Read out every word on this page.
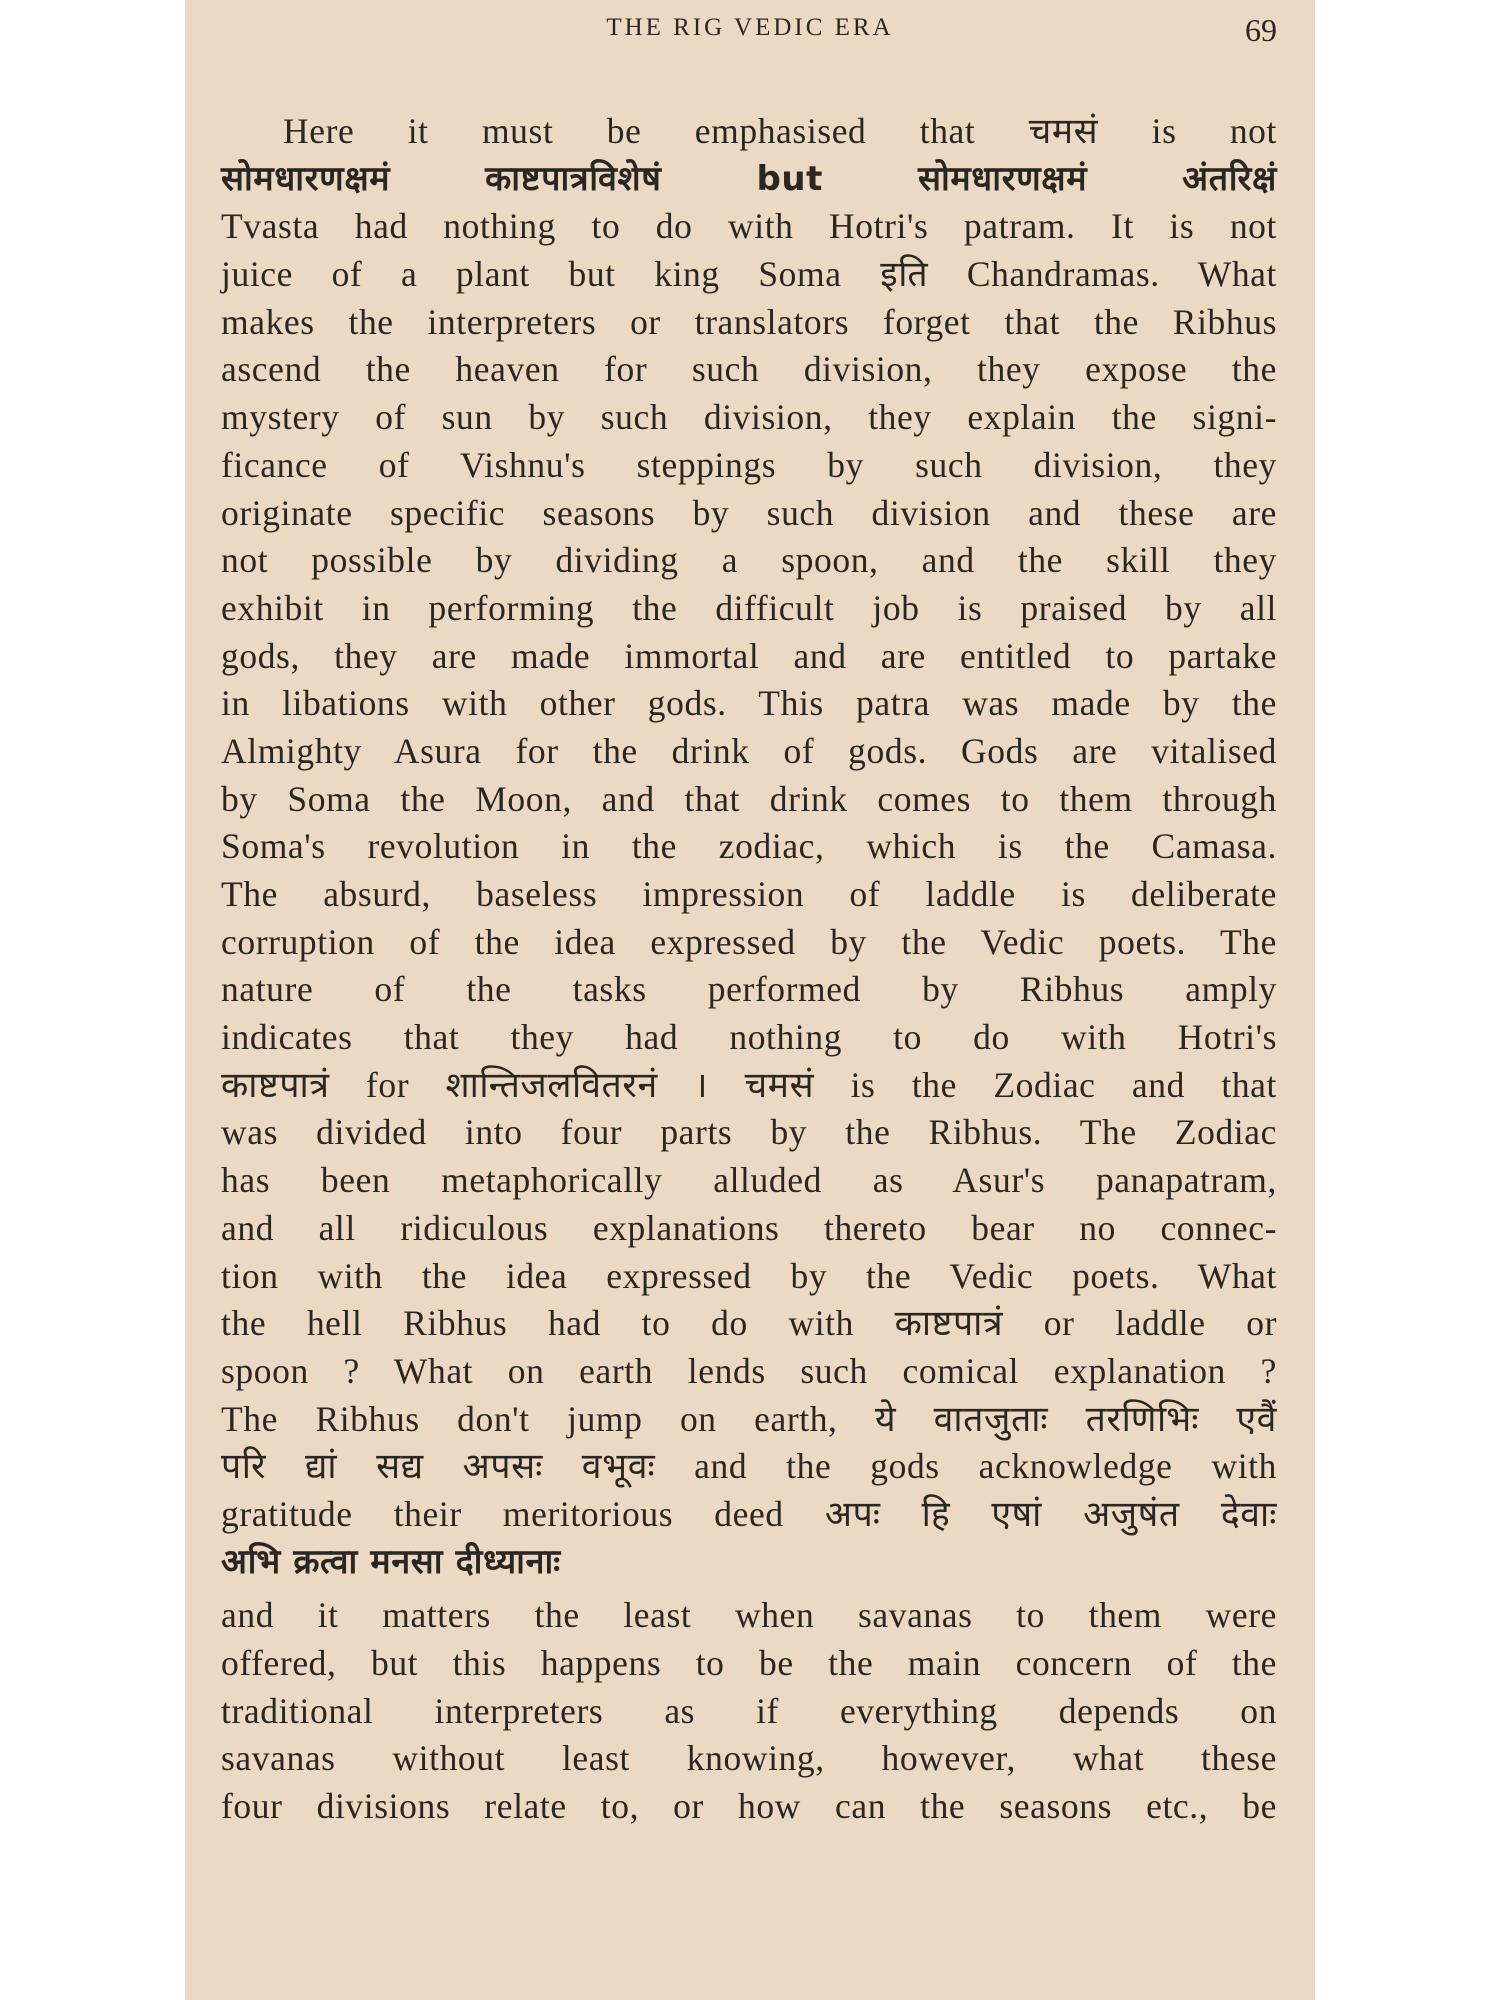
THE RIG VEDIC ERA	69
Here it must be emphasised that चमसं is not
सोमधारणक्षमं काष्टपात्रविशेषं but सोमधारणक्षमं अंतरिक्षं
Tvasta had nothing to do with Hotri's patram. It is not
juice of a plant but king Soma इति Chandramas. What
makes the interpreters or translators forget that the Ribhus
ascend the heaven for such division, they expose the
mystery of sun by such division, they explain the signi-
ficance of Vishnu's steppings by such division, they
originate specific seasons by such division and these are
not possible by dividing a spoon, and the skill they
exhibit in performing the difficult job is praised by all
gods, they are made immortal and are entitled to partake
in libations with other gods. This patra was made by the
Almighty Asura for the drink of gods. Gods are vitalised
by Soma the Moon, and that drink comes to them through
Soma's revolution in the zodiac, which is the Camasa.
The absurd, baseless impression of laddle is deliberate
corruption of the idea expressed by the Vedic poets. The
nature of the tasks performed by Ribhus amply
indicates that they had nothing to do with Hotri's
काष्टपात्रं for शान्तिजलवितरनं । चमसं is the Zodiac and that
was divided into four parts by the Ribhus. The Zodiac
has been metaphorically alluded as Asur's panapatram,
and all ridiculous explanations thereto bear no connec-
tion with the idea expressed by the Vedic poets. What
the hell Ribhus had to do with काष्टपात्रं or laddle or
spoon ? What on earth lends such comical explanation ?
The Ribhus don't jump on earth, ये वातजुताः तरणिभिः एवैं
परि द्यां सद्य अपसः वभूवः and the gods acknowledge with
gratitude their meritorious deed अपः हि एषां अजुषंत देवाः
अभि क्रत्वा मनसा दीध्यानाः
and it matters the least when savanas to them were
offered, but this happens to be the main concern of the
traditional interpreters as if everything depends on
savanas without least knowing, however, what these
four divisions relate to, or how can the seasons etc., be
